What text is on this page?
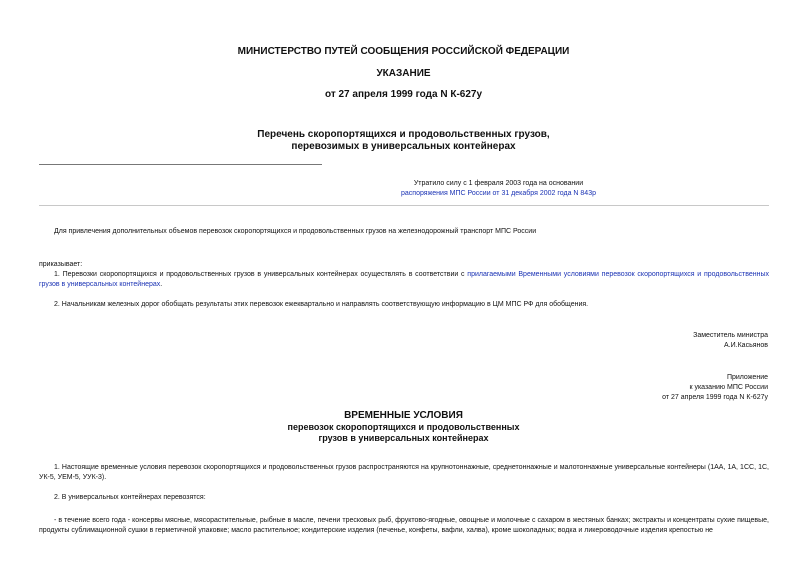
МИНИСТЕРСТВО ПУТЕЙ СООБЩЕНИЯ РОССИЙСКОЙ ФЕДЕРАЦИИ
УКАЗАНИЕ
от 27 апреля 1999 года N К-627у
Перечень скоропортящихся и продовольственных грузов,
перевозимых в универсальных контейнерах
Утратило силу с 1 февраля 2003 года на основании
распоряжения МПС России от 31 декабря 2002 года N 843р
Для привлечения дополнительных объемов перевозок скоропортящихся и продовольственных грузов на железнодорожный транспорт МПС России
приказывает:

1. Перевозки скоропортящихся и продовольственных грузов в универсальных контейнерах осуществлять в соответствии с прилагаемыми Временными условиями перевозок скоропортящихся и продовольственных грузов в универсальных контейнерах.

2. Начальникам железных дорог обобщать результаты этих перевозок ежеквартально и направлять соответствующую информацию в ЦМ МПС РФ для обобщения.

Заместитель министра
А.И.Касьянов
Приложение
к указанию МПС России
от 27 апреля 1999 года N К-627у
ВРЕМЕННЫЕ УСЛОВИЯ
перевозок скоропортящихся и продовольственных
грузов в универсальных контейнерах

1. Настоящие временные условия перевозок скоропортящихся и продовольственных грузов распространяются на крупнотоннажные, среднетоннажные и малотоннажные универсальные контейнеры (1АА, 1А, 1СС, 1С, УК-5, УЕМ-5, УУК-3).

2. В универсальных контейнерах перевозятся:

- в течение всего года - консервы мясные, мясорастительные, рыбные в масле, печени тресковых рыб, фруктово-ягодные, овощные и молочные с сахаром в жестяных банках; экстракты и концентраты сухие пищевые, продукты сублимационной сушки в герметичной упаковке; масло растительное; кондитерские изделия (печенье, конфеты, вафли, халва), кроме шоколадных; водка и ликероводочные изделия крепостью не
